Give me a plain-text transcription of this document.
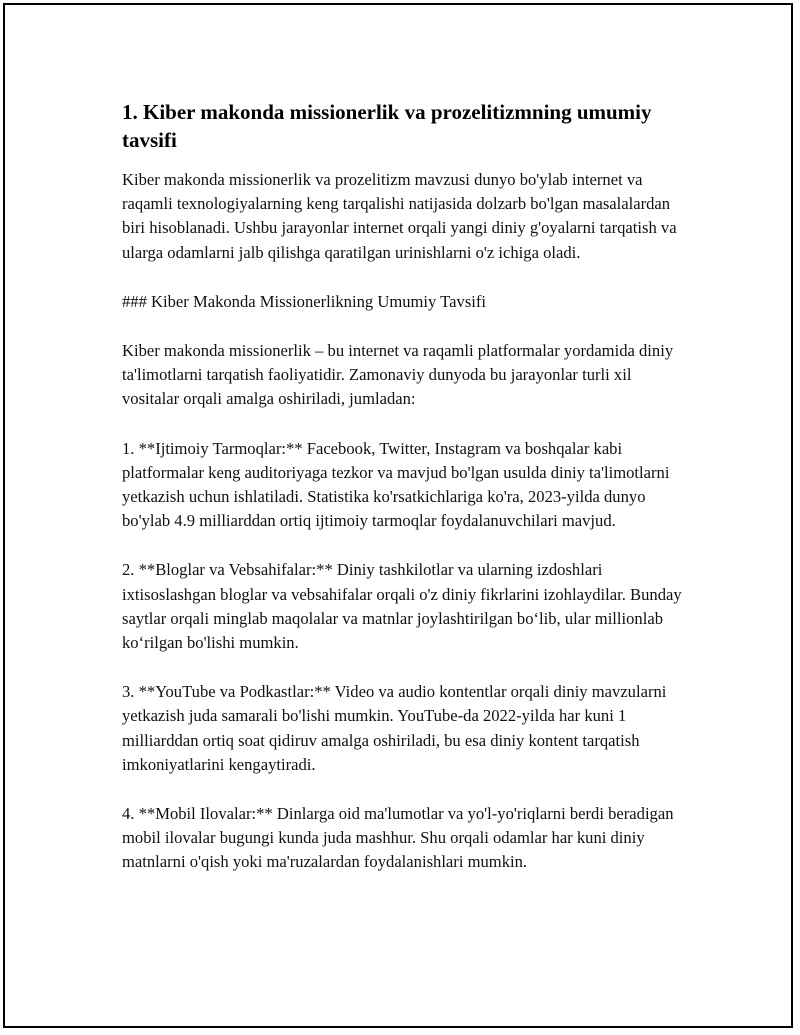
1. Kiber makonda missionerlik va prozelitizmning umumiy tavsifi

Kiber makonda missionerlik va prozelitizm mavzusi dunyo bo'ylab internet va raqamli texnologiyalarning keng tarqalishi natijasida dolzarb bo'lgan masalalardan biri hisoblanadi. Ushbu jarayonlar internet orqali yangi diniy g'oyalarni tarqatish va ularga odamlarni jalb qilishga qaratilgan urinishlarni o'z ichiga oladi.

### Kiber Makonda Missionerlikning Umumiy Tavsifi

Kiber makonda missionerlik – bu internet va raqamli platformalar yordamida diniy ta'limotlarni tarqatish faoliyatidir. Zamonaviy dunyoda bu jarayonlar turli xil vositalar orqali amalga oshiriladi, jumladan:

1. **Ijtimoiy Tarmoqlar:** Facebook, Twitter, Instagram va boshqalar kabi platformalar keng auditoriyaga tezkor va mavjud bo'lgan usulda diniy ta'limotlarni yetkazish uchun ishlatiladi. Statistika ko'rsatkichlariga ko'ra, 2023-yilda dunyo bo'ylab 4.9 milliarddan ortiq ijtimoiy tarmoqlar foydalanuvchilari mavjud.

2. **Bloglar va Vebsahifalar:** Diniy tashkilotlar va ularning izdoshlari ixtisoslashgan bloglar va vebsahifalar orqali o'z diniy fikrlarini izohlaydilar. Bunday saytlar orqali minglab maqolalar va matnlar joylashtirilgan bo‘lib, ular millionlab ko‘rilgan bo'lishi mumkin.

3. **YouTube va Podkastlar:** Video va audio kontentlar orqali diniy mavzularni yetkazish juda samarali bo'lishi mumkin. YouTube-da 2022-yilda har kuni 1 milliarddan ortiq soat qidiruv amalga oshiriladi, bu esa diniy kontent tarqatish imkoniyatlarini kengaytiradi.

4. **Mobil Ilovalar:** Dinlarga oid ma'lumotlar va yo'l-yo'riqlarni berdi beradigan mobil ilovalar bugungi kunda juda mashhur. Shu orqali odamlar har kuni diniy matnlarni o'qish yoki ma'ruzalardan foydalanishlari mumkin.
